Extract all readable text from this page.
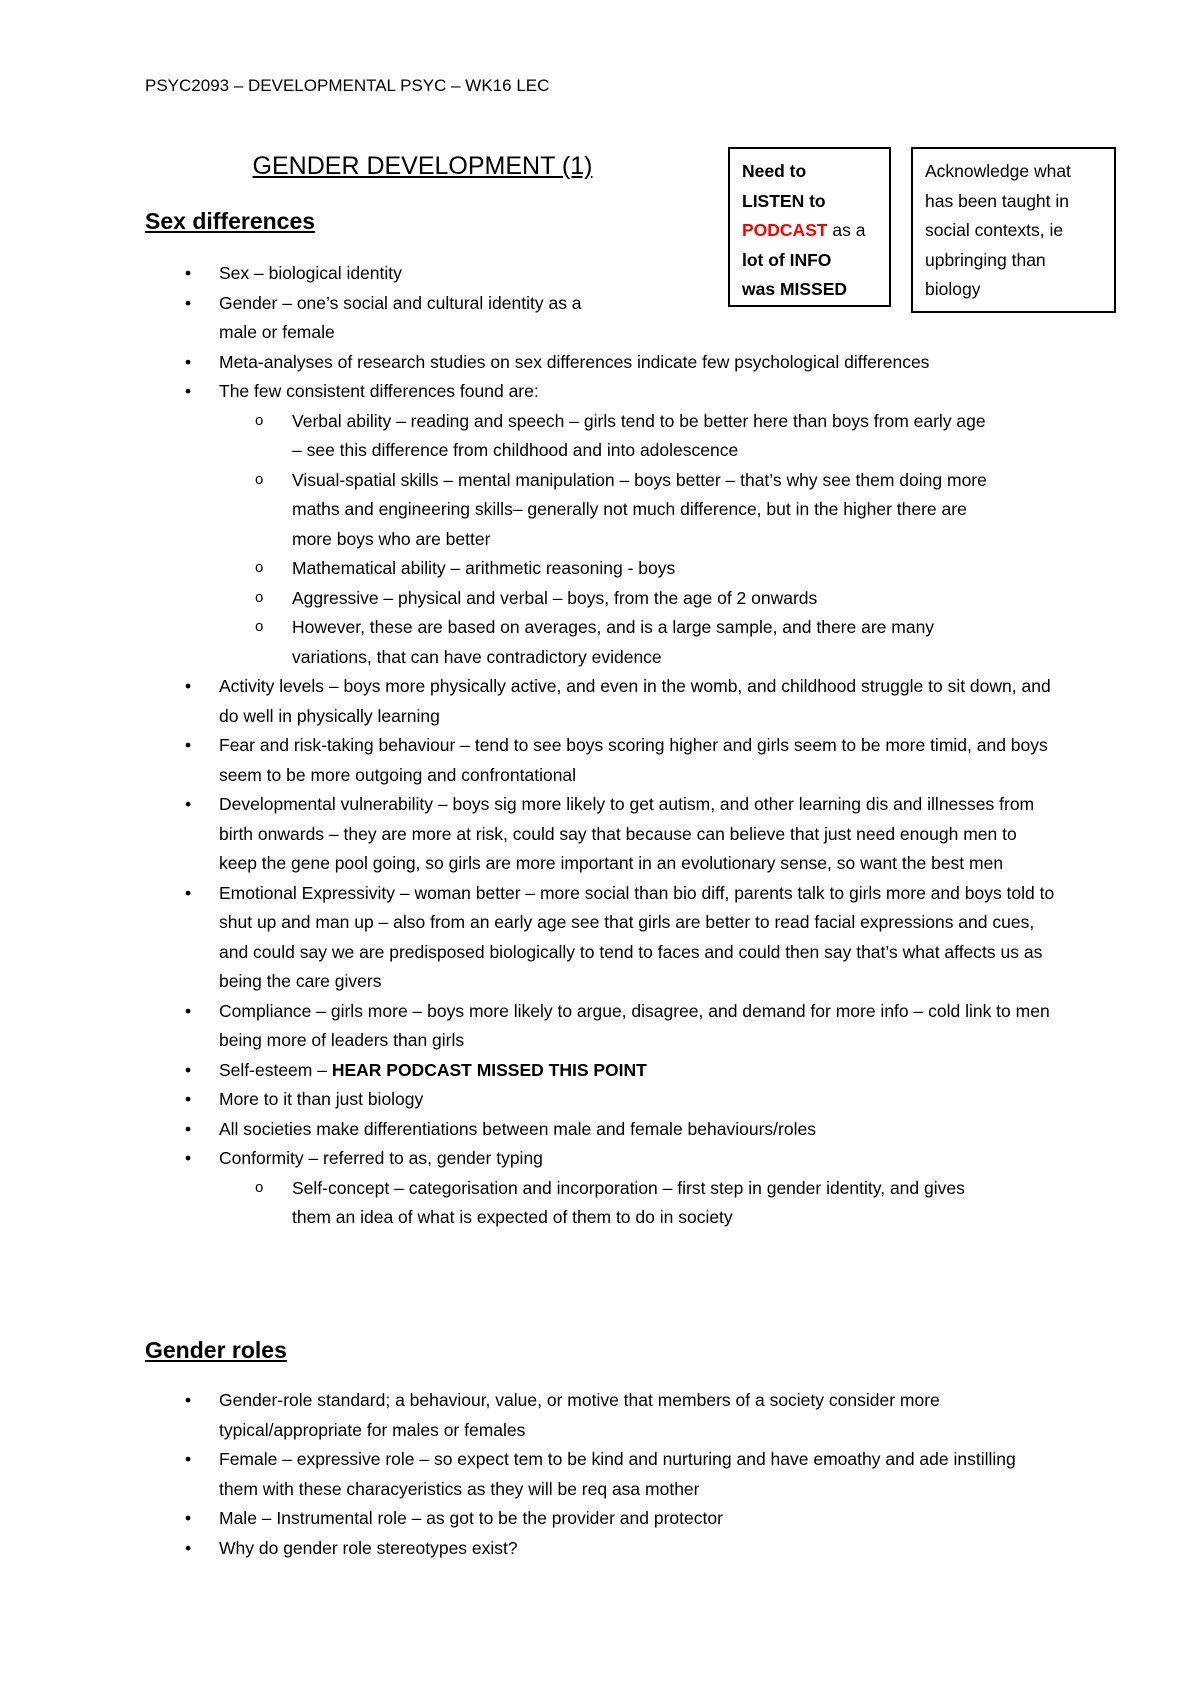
PSYC2093 – DEVELOPMENTAL PSYC – WK16 LEC
GENDER DEVELOPMENT (1)	Need to
LISTEN to
PODCAST as a
lot of INFO
was MISSED
Acknowledge what has been taught in social contexts, ie upbringing than biology
Sex differences
• Sex – biological identity
• Gender – one’s social and cultural identity as a male or female
• Meta-analyses of research studies on sex differences indicate few psychological differences
• The few consistent differences found are:
o Verbal ability – reading and speech – girls tend to be better here than boys from early age – see this difference from childhood and into adolescence
o Visual-spatial skills – mental manipulation – boys better – that’s why see them doing more maths and engineering skills– generally not much difference, but in the higher there are more boys who are better
o Mathematical ability – arithmetic reasoning - boys
o Aggressive – physical and verbal – boys, from the age of 2 onwards
o However, these are based on averages, and is a large sample, and there are many variations, that can have contradictory evidence
• Activity levels – boys more physically active, and even in the womb, and childhood struggle to sit down, and do well in physically learning
• Fear and risk-taking behaviour – tend to see boys scoring higher and girls seem to be more timid, and boys seem to be more outgoing and confrontational
• Developmental vulnerability – boys sig more likely to get autism, and other learning dis and illnesses from birth onwards – they are more at risk, could say that because can believe that just need enough men to keep the gene pool going, so girls are more important in an evolutionary sense, so want the best men
• Emotional Expressivity – woman better – more social than bio diff, parents talk to girls more and boys told to shut up and man up – also from an early age see that girls are better to read facial expressions and cues, and could say we are predisposed biologically to tend to faces and could then say that’s what affects us as being the care givers
• Compliance – girls more – boys more likely to argue, disagree, and demand for more info – cold link to men being more of leaders than girls
• Self-esteem – HEAR PODCAST MISSED THIS POINT
• More to it than just biology
• All societies make differentiations between male and female behaviours/roles
• Conformity – referred to as, gender typing
o Self-concept – categorisation and incorporation – first step in gender identity, and gives them an idea of what is expected of them to do in society
Gender roles
• Gender-role standard; a behaviour, value, or motive that members of a society consider more typical/appropriate for males or females
• Female – expressive role – so expect tem to be kind and nurturing and have emoathy and ade instilling them with these characyeristics as they will be req asa mother
• Male – Instrumental role – as got to be the provider and protector
• Why do gender role stereotypes exist?
